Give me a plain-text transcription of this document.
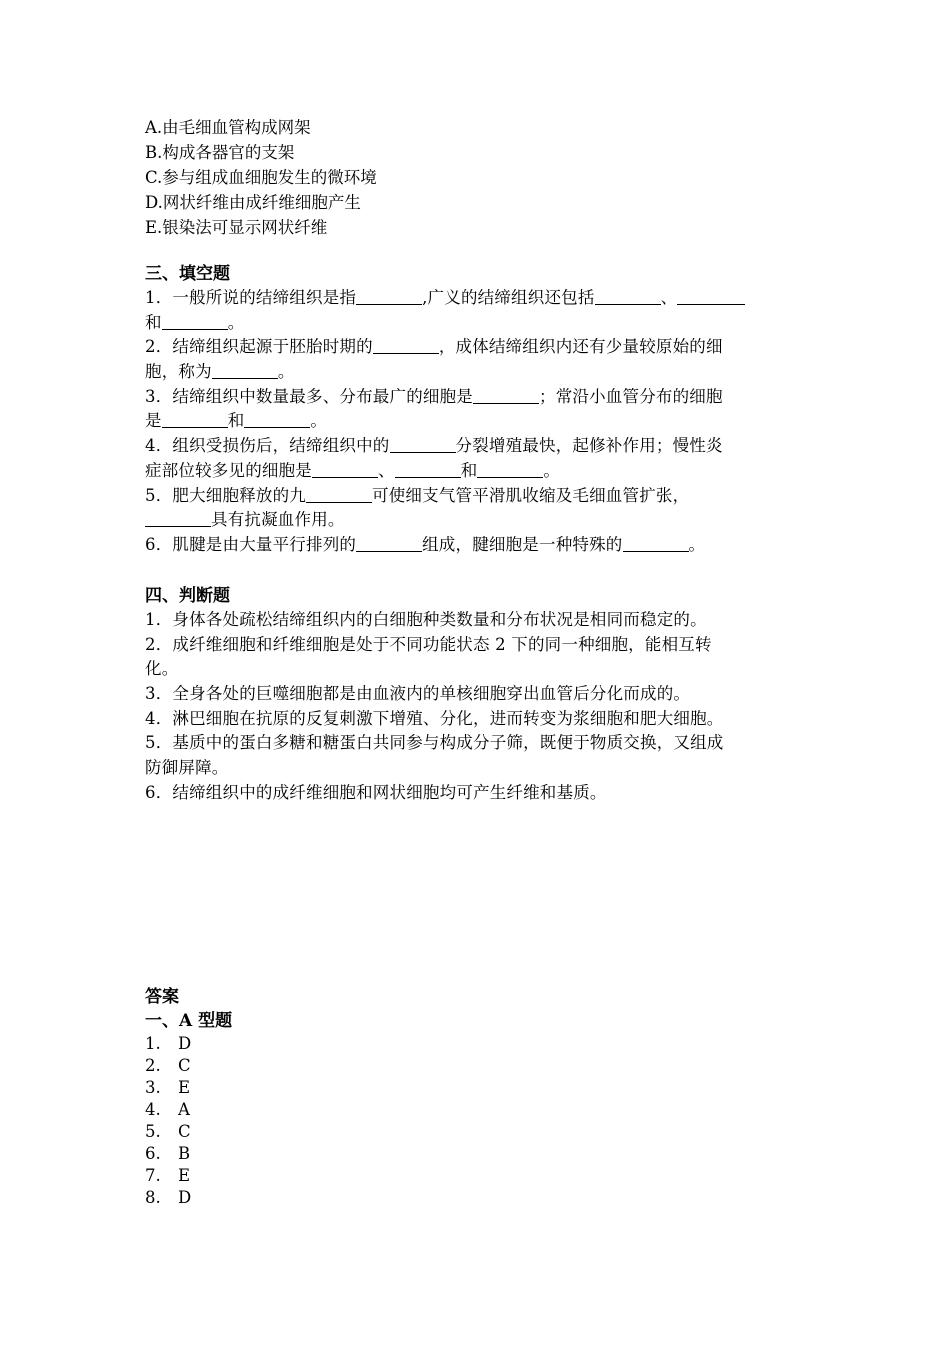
A.由毛细血管构成网架
B.构成各器官的支架
C.参与组成血细胞发生的微环境
D.网状纤维由成纤维细胞产生
E.银染法可显示网状纤维
三、填空题
1．一般所说的结缔组织是指	,广义的结缔组织还包括	、
和	。
2．结缔组织起源于胚胎时期的	，成体结缔组织内还有少量较原始的细
胞，称为	。
3．结缔组织中数量最多、分布最广的细胞是	；常沿小血管分布的细胞
是	和	。
4．组织受损伤后，结缔组织中的	分裂增殖最快，起修补作用；慢性炎
症部位较多见的细胞是	、	和	。
5．肥大细胞释放的九	可使细支气管平滑肌收缩及毛细血管扩张，
具有抗凝血作用。
6．肌腱是由大量平行排列的	组成，腱细胞是一种特殊的	。
四、判断题
1．身体各处疏松结缔组织内的白细胞种类数量和分布状况是相同而稳定的。
2．成纤维细胞和纤维细胞是处于不同功能状态 2 下的同一种细胞，能相互转
化。
3．全身各处的巨噬细胞都是由血液内的单核细胞穿出血管后分化而成的。
4．淋巴细胞在抗原的反复刺激下增殖、分化，进而转变为浆细胞和肥大细胞。
5．基质中的蛋白多糖和糖蛋白共同参与构成分子筛，既便于物质交换，又组成
防御屏障。
6．结缔组织中的成纤维细胞和网状细胞均可产生纤维和基质。
答案
一、A 型题
1. D
2. C
3. E
4. A
5. C
6. B
7. E
8. D
